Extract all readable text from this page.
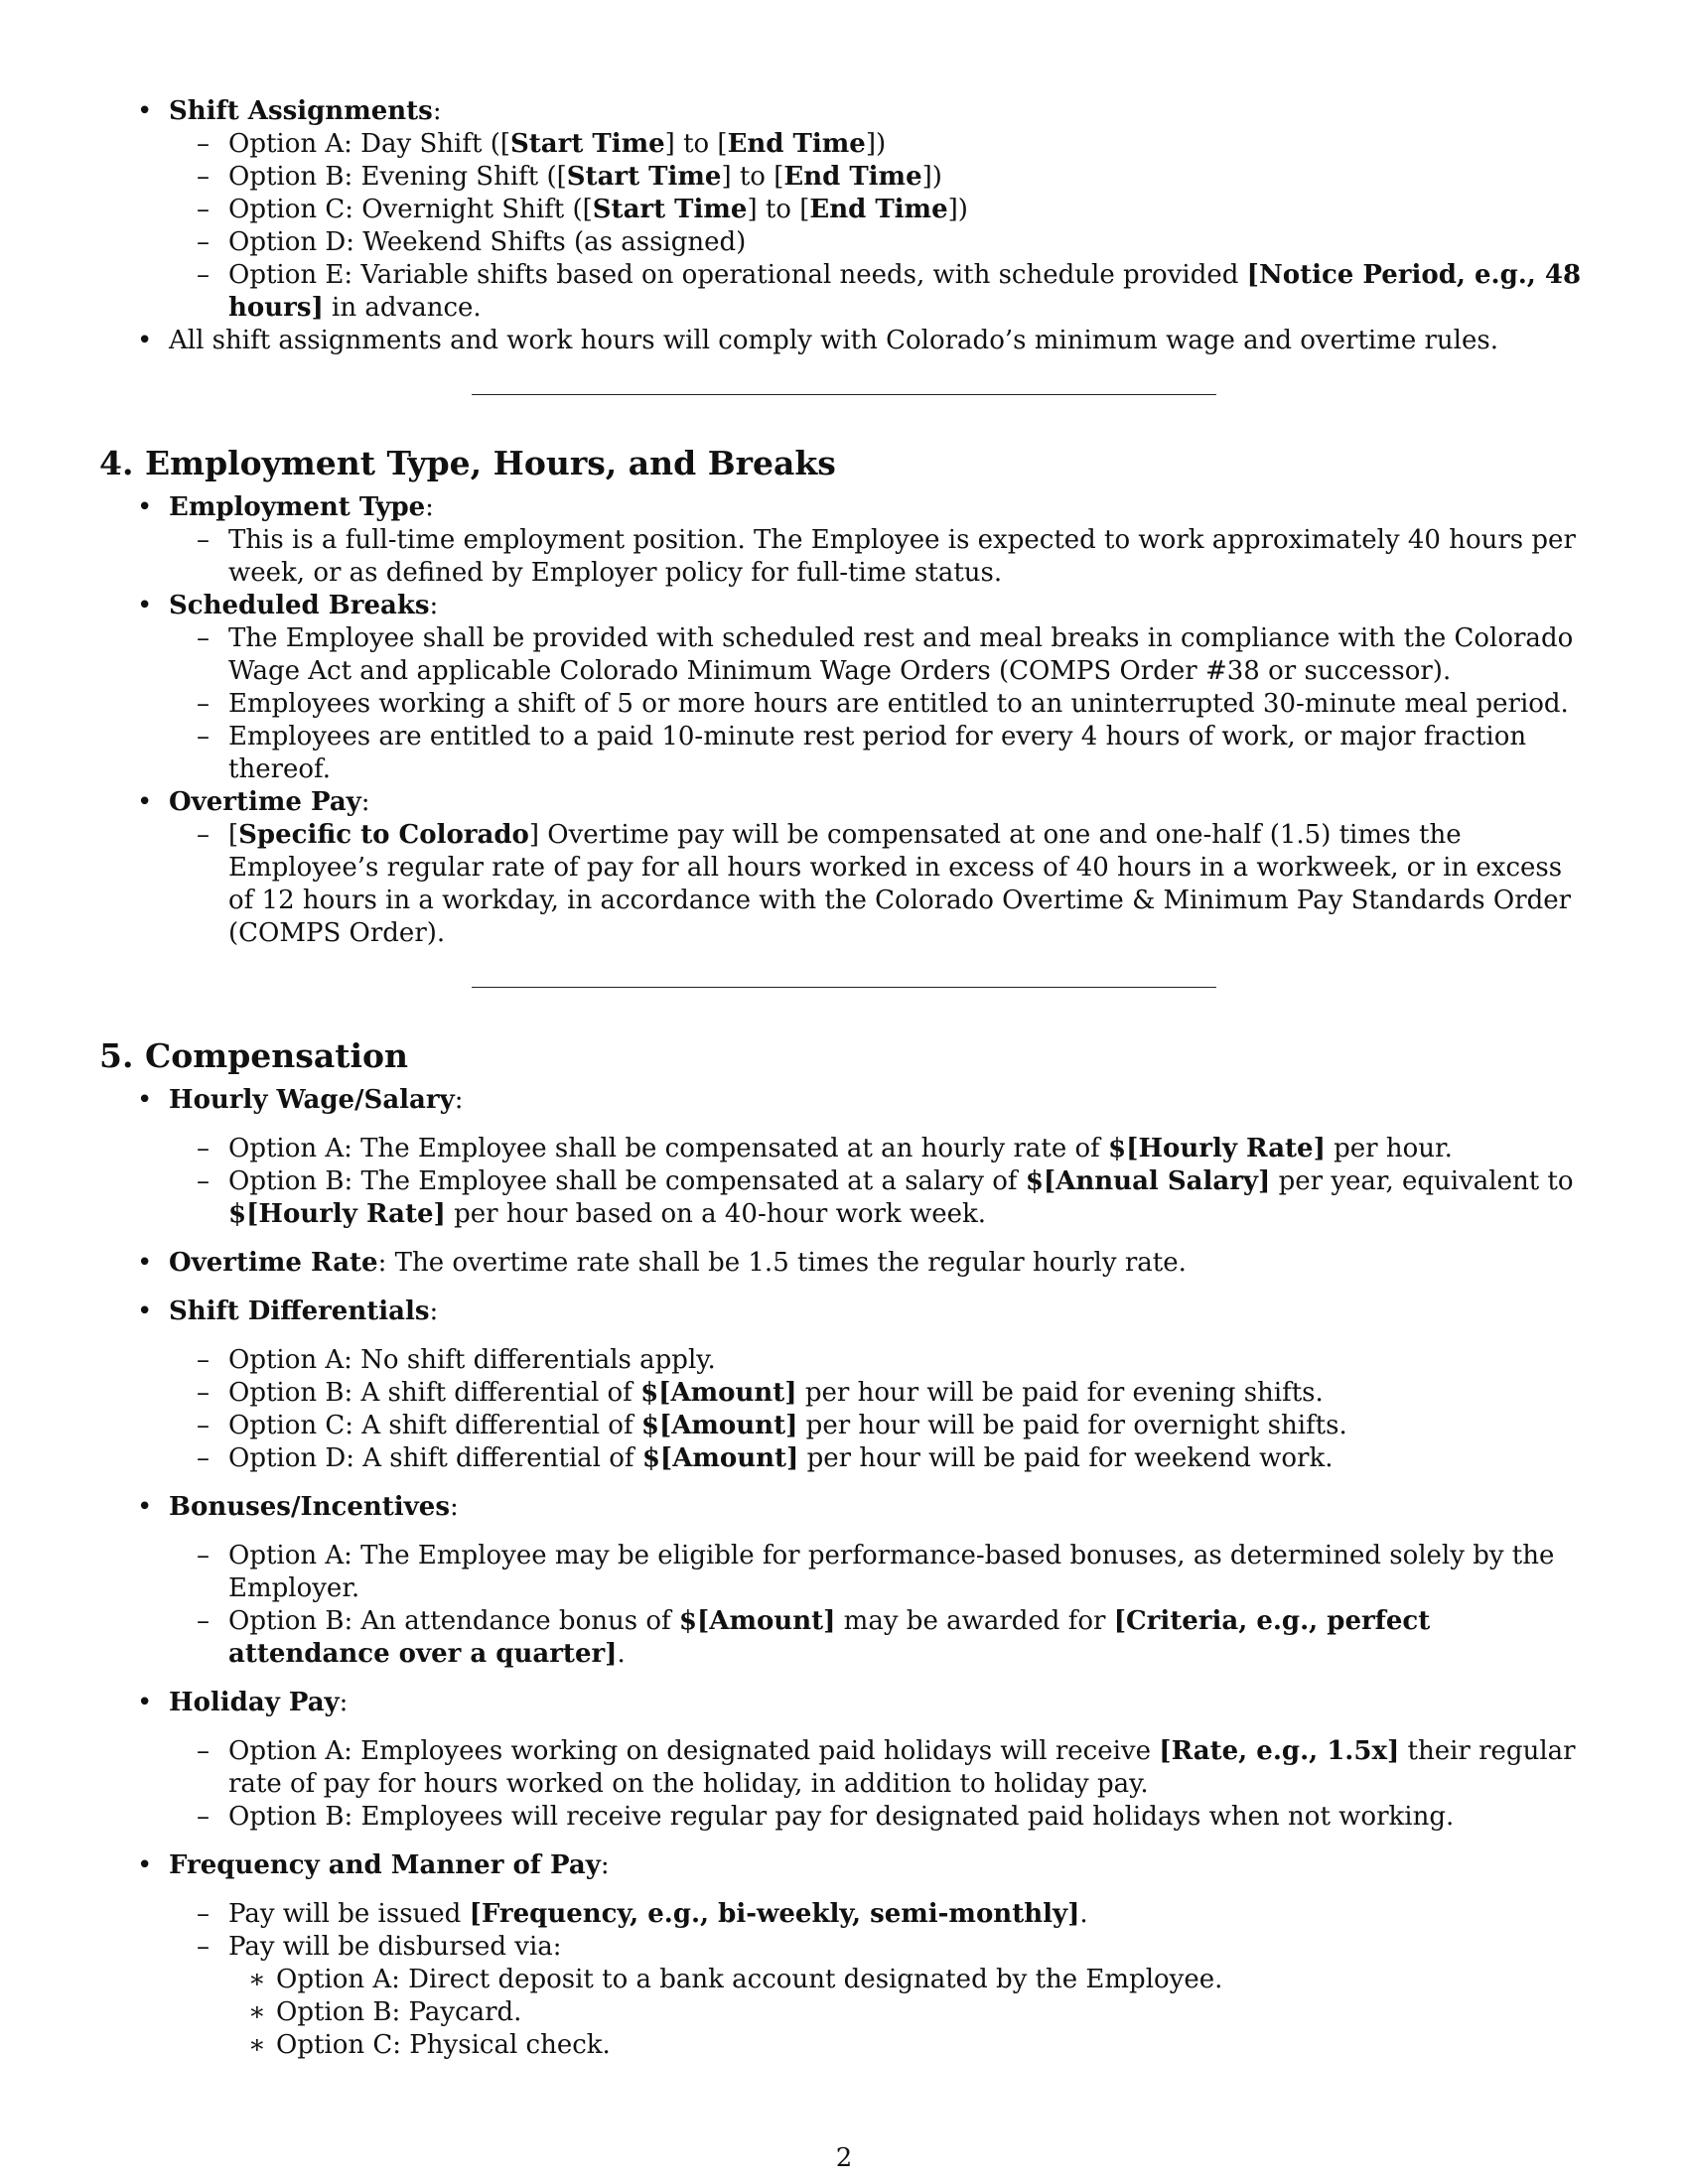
• Shift Assignments:
– Option A: Day Shift ([Start Time] to [End Time])
– Option B: Evening Shift ([Start Time] to [End Time])
– Option C: Overnight Shift ([Start Time] to [End Time])
– Option D: Weekend Shifts (as assigned)
– Option E: Variable shifts based on operational needs, with schedule provided [Notice Period, e.g., 48 hours] in advance.
• All shift assignments and work hours will comply with Colorado’s minimum wage and overtime rules.
4. Employment Type, Hours, and Breaks
• Employment Type:
– This is a full-time employment position. The Employee is expected to work approximately 40 hours per week, or as defined by Employer policy for full-time status.
• Scheduled Breaks:
– The Employee shall be provided with scheduled rest and meal breaks in compliance with the Colorado Wage Act and applicable Colorado Minimum Wage Orders (COMPS Order #38 or successor).
– Employees working a shift of 5 or more hours are entitled to an uninterrupted 30-minute meal period.
– Employees are entitled to a paid 10-minute rest period for every 4 hours of work, or major fraction thereof.
• Overtime Pay:
– [Specific to Colorado] Overtime pay will be compensated at one and one-half (1.5) times the Employee’s regular rate of pay for all hours worked in excess of 40 hours in a workweek, or in excess of 12 hours in a workday, in accordance with the Colorado Overtime & Minimum Pay Standards Order (COMPS Order).
5. Compensation
• Hourly Wage/Salary:
– Option A: The Employee shall be compensated at an hourly rate of $[Hourly Rate] per hour.
– Option B: The Employee shall be compensated at a salary of $[Annual Salary] per year, equivalent to $[Hourly Rate] per hour based on a 40-hour work week.
• Overtime Rate: The overtime rate shall be 1.5 times the regular hourly rate.
• Shift Differentials:
– Option A: No shift differentials apply.
– Option B: A shift differential of $[Amount] per hour will be paid for evening shifts.
– Option C: A shift differential of $[Amount] per hour will be paid for overnight shifts.
– Option D: A shift differential of $[Amount] per hour will be paid for weekend work.
• Bonuses/Incentives:
– Option A: The Employee may be eligible for performance-based bonuses, as determined solely by the Employer.
– Option B: An attendance bonus of $[Amount] may be awarded for [Criteria, e.g., perfect attendance over a quarter].
• Holiday Pay:
– Option A: Employees working on designated paid holidays will receive [Rate, e.g., 1.5x] their regular rate of pay for hours worked on the holiday, in addition to holiday pay.
– Option B: Employees will receive regular pay for designated paid holidays when not working.
• Frequency and Manner of Pay:
– Pay will be issued [Frequency, e.g., bi-weekly, semi-monthly].
– Pay will be disbursed via:
∗ Option A: Direct deposit to a bank account designated by the Employee.
∗ Option B: Paycard.
∗ Option C: Physical check.
2
